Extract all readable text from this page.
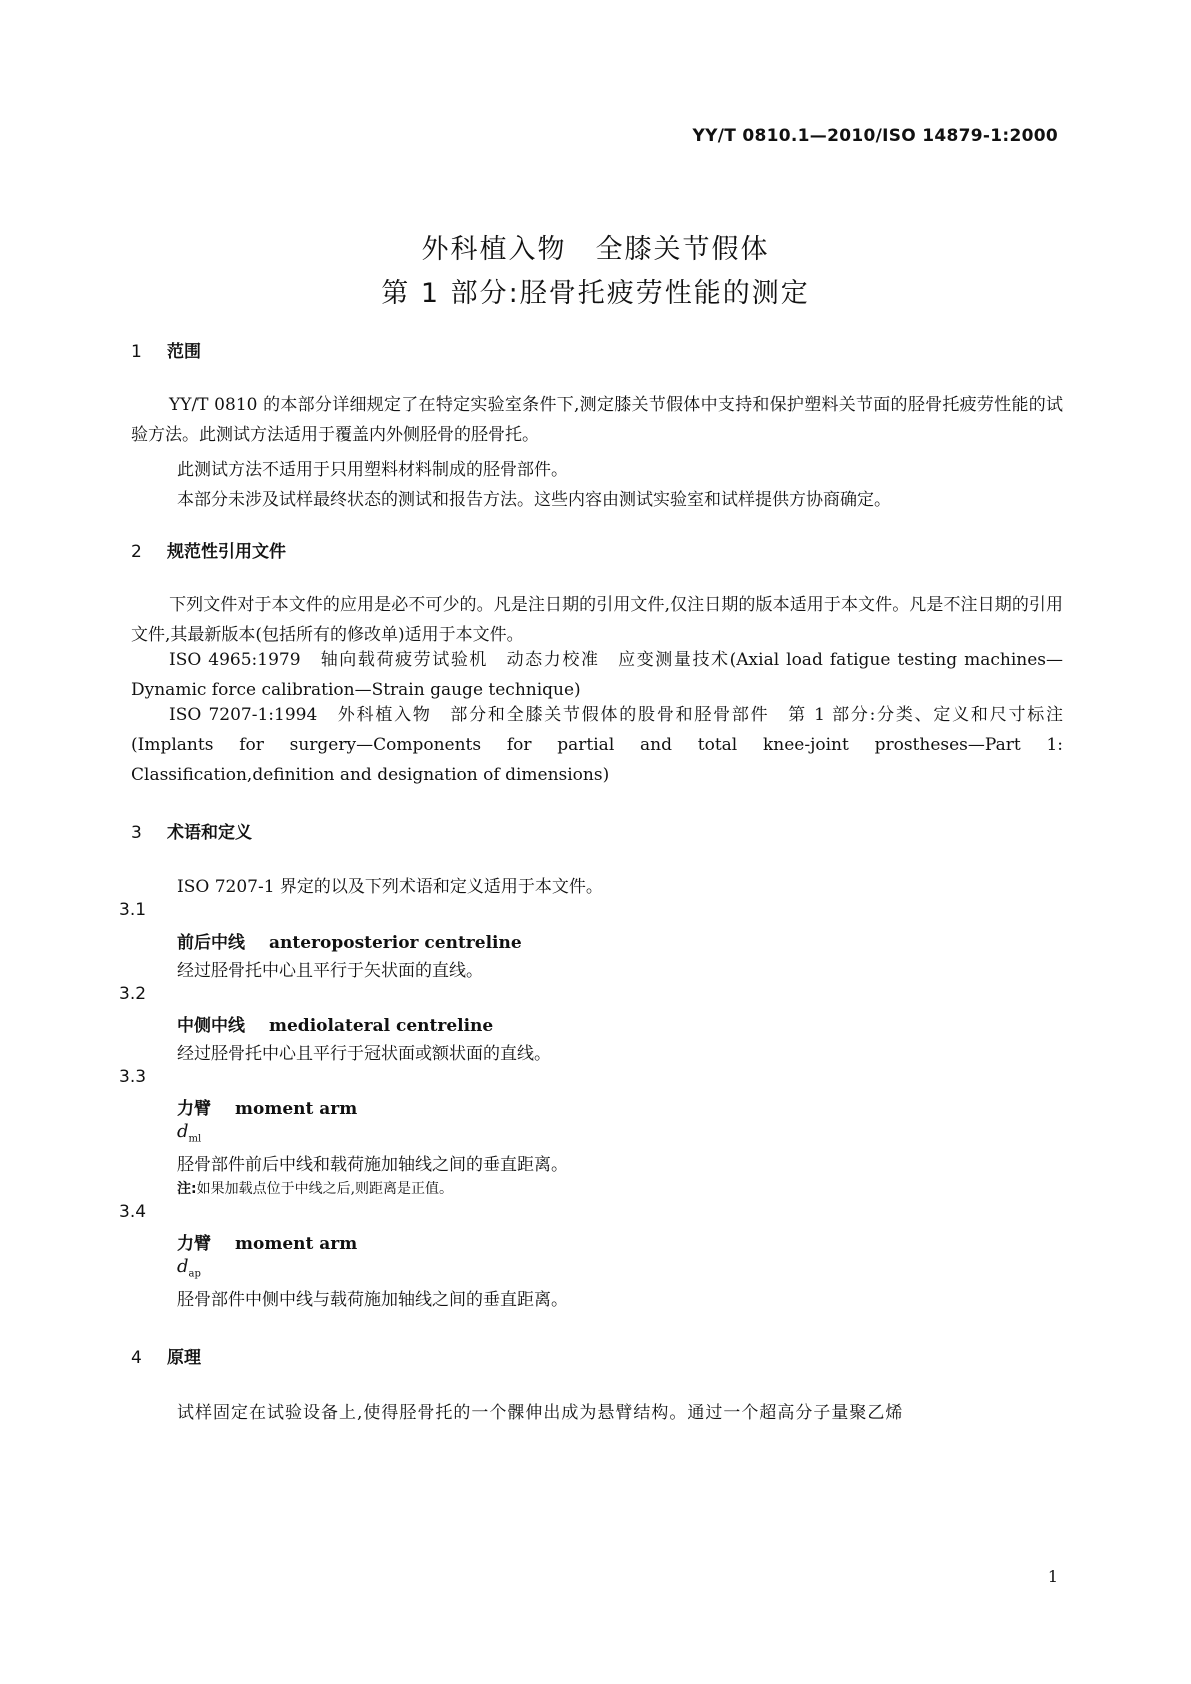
YY/T 0810.1—2010/ISO 14879-1:2000
外科植入物　全膝关节假体
第 1 部分:胫骨托疲劳性能的测定
1 范围
YY/T 0810 的本部分详细规定了在特定实验室条件下,测定膝关节假体中支持和保护塑料关节面的胫骨托疲劳性能的试验方法。此测试方法适用于覆盖内外侧胫骨的胫骨托。
此测试方法不适用于只用塑料材料制成的胫骨部件。
本部分未涉及试样最终状态的测试和报告方法。这些内容由测试实验室和试样提供方协商确定。
2 规范性引用文件
下列文件对于本文件的应用是必不可少的。凡是注日期的引用文件,仅注日期的版本适用于本文件。凡是不注日期的引用文件,其最新版本(包括所有的修改单)适用于本文件。
ISO 4965:1979　轴向载荷疲劳试验机　动态力校准　应变测量技术(Axial load fatigue testing machines—Dynamic force calibration—Strain gauge technique)
ISO 7207-1:1994　外科植入物　部分和全膝关节假体的股骨和胫骨部件　第 1 部分:分类、定义和尺寸标注(Implants for surgery—Components for partial and total knee-joint prostheses—Part 1: Classification,definition and designation of dimensions)
3 术语和定义
ISO 7207-1 界定的以及下列术语和定义适用于本文件。
3.1
前后中线 anteroposterior centreline
经过胫骨托中心且平行于矢状面的直线。
3.2
中侧中线 mediolateral centreline
经过胫骨托中心且平行于冠状面或额状面的直线。
3.3
力臂 moment arm
$d_{ml}$
胫骨部件前后中线和载荷施加轴线之间的垂直距离。
注:如果加载点位于中线之后,则距离是正值。
3.4
力臂 moment arm
$d_{ap}$
胫骨部件中侧中线与载荷施加轴线之间的垂直距离。
4 原理
试样固定在试验设备上,使得胫骨托的一个髁伸出成为悬臂结构。通过一个超高分子量聚乙烯
1
